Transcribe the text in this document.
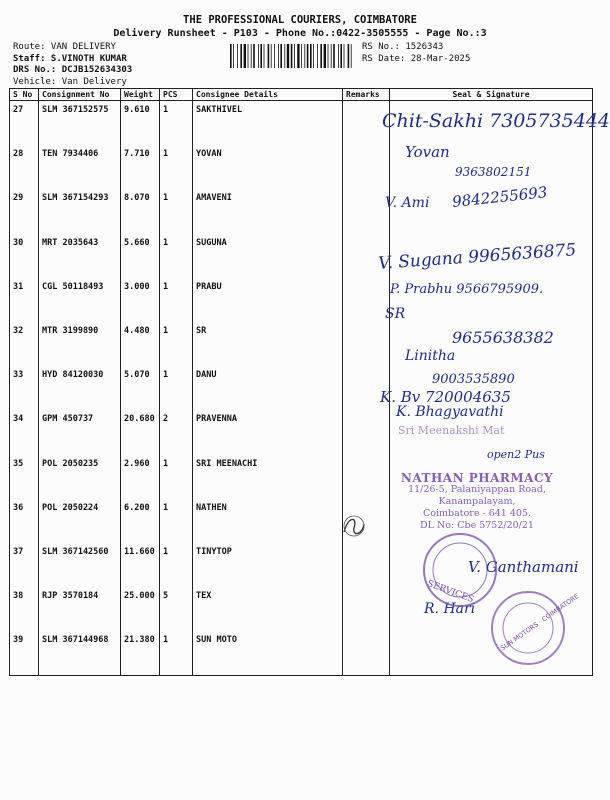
THE PROFESSIONAL COURIERS, COIMBATORE
Delivery Runsheet - P103 - Phone No.:0422-3505555 - Page No.:3
Route: VAN DELIVERY
Staff: S.VINOTH KUMAR
DRS No.: DCJB152634303
Vehicle: Van Delivery
RS No.: 1526343
RS Date: 28-Mar-2025
S No	Consignment No	Weight	PCS	Consignee Details	Remarks	Seal & Signature
27	SLM 367152575	9.610	1	SAKTHIVEL		
28	TEN 7934406	7.710	1	YOVAN		
29	SLM 367154293	8.070	1	AMAVENI		
30	MRT 2035643	5.660	1	SUGUNA		
31	CGL 50118493	3.000	1	PRABU		
32	MTR 3199890	4.480	1	SR		
33	HYD 84120030	5.070	1	DANU		
34	GPM 450737	20.680	2	PRAVENNA		
35	POL 2050235	2.960	1	SRI MEENACHI		
36	POL 2050224	6.200	1	NATHEN		
37	SLM 367142560	11.660	1	TINYTOP		
38	RJP 3570184	25.000	5	TEX		
39	SLM 367144968	21.380	1	SUN MOTO		
Chit-Sakhi 7305735444
Yovan
9363802151
V. Ami 9842255693
V. Sugana 9965636875
P. Prabhu 9566795909.
SR
9655638382
Linitha
9003535890
K. Bv 720004635
K. Bhagyavathi
open2 Pus
V. Ganthamani
R. Hari
Sri Meenakshi Mat
NATHAN PHARMACY
11/26-5, Palaniyappan Road,
Kanampalayam,
Coimbatore - 641 405.
DL No: Cbe 5752/20/21
SERVICES
SUN MOTORS · COIMBATORE
